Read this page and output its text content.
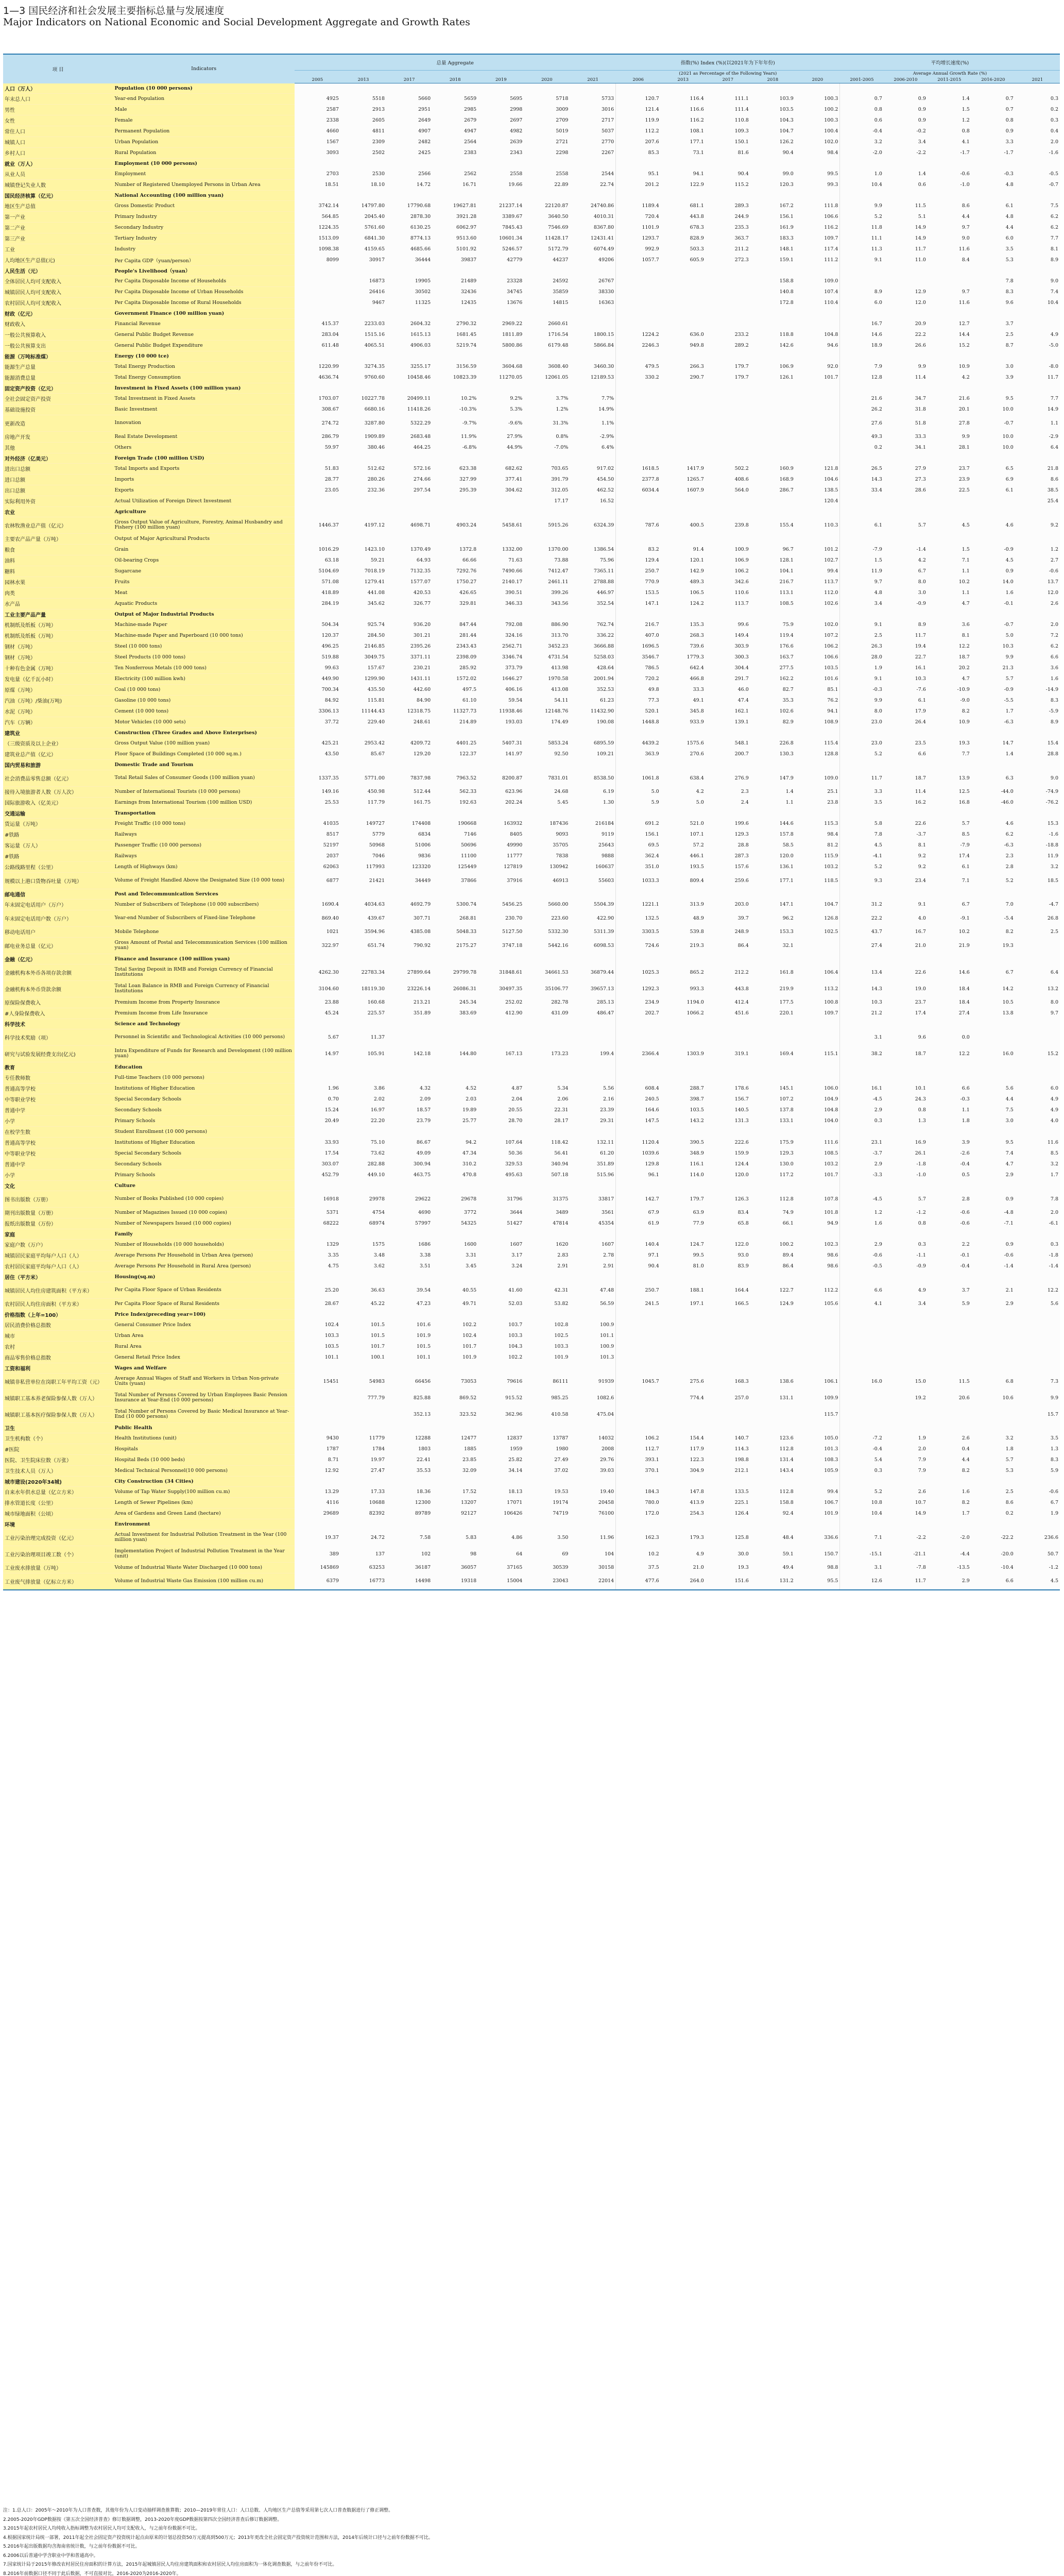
1—3 国民经济和社会发展主要指标总量与发展速度
Major Indicators on National Economic and Social Development Aggregate and Growth Rates
项 目	Indicators	总量 Aggregate							指数(%) Index (%)(以2021年为下年年份)					平均增长速度(%)				
									(2021 as Percentage of the Following Years)					Average Annual Growth Rate (%)				
		2005	2013	2017	2018	2019	2020	2021	2006	2013	2017	2018	2020	2001-2005	2006-2010	2011-2015	2016-2020	2021
人口（万人）	Population (10 000 persons)																	
年末总人口	Year-end Population	4925	5518	5660	5659	5695	5718	5733	120.7	116.4	111.1	103.9	100.3	0.7	0.9	1.4	0.7	0.3
男性	Male	2587	2913	2951	2985	2998	3009	3016	121.4	116.6	111.4	103.5	100.2	0.8	0.9	1.5	0.7	0.2
女性	Female	2338	2605	2649	2679	2697	2709	2717	119.9	116.2	110.8	104.3	100.3	0.6	0.9	1.2	0.8	0.3
常住人口	Permanent Population	4660	4811	4907	4947	4982	5019	5037	112.2	108.1	109.3	104.7	100.4	-0.4	-0.2	0.8	0.9	0.4
城镇人口	Urban Population	1567	2309	2482	2564	2639	2721	2770	207.6	177.1	150.1	126.2	102.0	3.2	3.4	4.1	3.3	2.0
乡村人口	Rural Population	3093	2502	2425	2383	2343	2298	2267	85.3	73.1	81.6	90.4	98.4	-2.0	-2.2	-1.7	-1.7	-1.6
就业（万人）	Employment (10 000 persons)																	
从业人员	Employment	2703	2530	2566	2562	2558	2558	2544	95.1	94.1	90.4	99.0	99.5	1.0	1.4	-0.6	-0.3	-0.5
城镇登记失业人数	Number of Registered Unemployed Persons in Urban Area	18.51	18.10	14.72	16.71	19.66	22.89	22.74	201.2	122.9	115.2	120.3	99.3	10.4	0.6	-1.0	4.8	-0.7
国民经济核算（亿元）	National Accounting (100 million yuan)																	
地区生产总值	Gross Domestic Product	3742.14	14797.80	17790.68	19627.81	21237.14	22120.87	24740.86	1189.4	681.1	289.3	167.2	111.8	9.9	11.5	8.6	6.1	7.5
第一产业	Primary Industry	564.85	2045.40	2878.30	3921.28	3389.67	3640.50	4010.31	720.4	443.8	244.9	156.1	106.6	5.2	5.1	4.4	4.8	6.2
第二产业	Secondary Industry	1224.35	5761.60	6130.25	6062.97	7845.43	7546.69	8367.80	1101.9	678.3	235.3	161.9	116.2	11.8	14.9	9.7	4.4	6.2
第三产业	Tertiary Industry	1513.09	6841.30	8774.13	9513.60	10601.34	11428.17	12431.41	1293.7	828.9	363.7	183.3	109.7	11.1	14.9	9.0	6.0	7.7
工业	Industry	1098.38	4159.65	4685.66	5101.92	5246.57	5172.79	6074.49	992.9	503.3	211.2	148.1	117.4	11.3	11.7	11.6	3.5	8.1
人均地区生产总值(元)	Per Capita GDP（yuan/person）	8099	30917	36444	39837	42779	44237	49206	1057.7	605.9	272.3	159.1	111.2	9.1	11.0	8.4	5.3	8.9
人民生活（元）	People's Livelihood（yuan）																	
全体居民人均可支配收入	Per Capita Disposable Income of Households		16873	19905	21489	23328	24592	26767				158.8	109.0				7.8	9.0
城镇居民人均可支配收入	Per Capita Disposable Income of Urban Households		26416	30502	32436	34745	35859	38330				140.8	107.4	8.9	12.9	9.7	8.3	7.4
农村居民人均可支配收入	Per Capita Disposable Income of Rural Households		9467	11325	12435	13676	14815	16363				172.8	110.4	6.0	12.0	11.6	9.6	10.4
财政（亿元）	Government Finance (100 million yuan)																	
财政收入	Financial Revenue	415.37	2233.03	2604.32	2790.32	2969.22	2660.61							16.7	20.9	12.7	3.7	
一般公共预算收入	General Public Budget Revenue	283.04	1515.16	1615.13	1681.45	1811.89	1716.54	1800.15	1224.2	636.0	233.2	118.8	104.8	14.6	22.2	14.4	2.5	4.9
一般公共预算支出	General Public Budget Expenditure	611.48	4065.51	4906.03	5219.74	5800.86	6179.48	5866.84	2246.3	949.8	289.2	142.6	94.6	18.9	26.6	15.2	8.7	-5.0
能源（万吨标准煤）	Energy (10 000 tce)																	
能源生产总量	Total Energy Production	1220.99	3274.35	3255.17	3156.59	3604.68	3608.40	3460.30	479.5	266.3	179.7	106.9	92.0	7.9	9.9	10.9	3.0	-8.0
能源消费总量	Total Energy Consumption	4636.74	9760.60	10458.46	10823.39	11270.05	12061.05	12189.53	330.2	290.7	179.7	126.1	101.7	12.8	11.4	4.2	3.9	11.7
固定资产投资（亿元）	Investment in Fixed Assets (100 million yuan)																	
全社会固定资产投资	Total Investment in Fixed Assets	1703.07	10227.78	20499.11	10.2%	9.2%	3.7%	7.7%						21.6	34.7	21.6	9.5	7.7
基础设施投资	Basic Investment	308.67	6680.16	11418.26	-10.3%	5.3%	1.2%	14.9%						26.2	31.8	20.1	10.0	14.9
更新改造	Innovation	274.72	3287.80	5322.29	-9.7%	-9.6%	31.3%	1.1%						27.6	51.8	27.8	-0.7	1.1
房地产开发	Real Estate Development	286.79	1909.89	2683.48	11.9%	27.9%	0.8%	-2.9%						49.3	33.3	9.9	10.0	-2.9
其他	Others	59.97	380.46	464.25	-6.8%	44.9%	-7.0%	6.4%						0.2	34.1	28.1	10.0	6.4
对外经济（亿美元）	Foreign Trade (100 million USD)																	
进出口总额	Total Imports and Exports	51.83	512.62	572.16	623.38	682.62	703.65	917.02	1618.5	1417.9	502.2	160.9	121.8	26.5	27.9	23.7	6.5	21.8
进口总额	Imports	28.77	280.26	274.66	327.99	377.41	391.79	454.50	2377.8	1265.7	408.6	168.9	104.6	14.3	27.3	23.9	6.9	8.6
出口总额	Exports	23.05	232.36	297.54	295.39	304.62	312.05	462.52	6034.4	1607.9	564.0	286.7	138.5	33.4	28.6	22.5	6.1	38.5
实际利用外资	Actual Utilization of Foreign Direct Investment						17.17	16.52					120.4					25.4
农业	Agriculture																	
农林牧渔业总产值（亿元）	Gross Output Value of Agriculture, Forestry, Animal Husbandry and Fishery (100 million yuan)	1446.37	4197.12	4698.71	4903.24	5458.61	5915.26	6324.39	787.6	400.5	239.8	155.4	110.3	6.1	5.7	4.5	4.6	9.2
主要农产品产量（万吨）	Output of Major Agricultural Products																	
粮食	Grain	1016.29	1423.10	1370.49	1372.8	1332.00	1370.00	1386.54	83.2	91.4	100.9	96.7	101.2	-7.9	-1.4	1.5	-0.9	1.2
油料	Oil-bearing Crops	63.18	59.21	64.93	66.66	71.63	73.88	75.96	129.4	120.1	106.9	128.1	102.7	1.5	4.2	7.1	4.5	2.7
糖料	Sugarcane	5104.69	7018.19	7132.35	7292.76	7490.66	7412.47	7365.11	250.7	142.9	106.2	104.1	99.4	11.9	6.7	1.1	0.9	-0.6
园林水果	Fruits	571.08	1279.41	1577.07	1750.27	2140.17	2461.11	2788.88	770.9	489.3	342.6	216.7	113.7	9.7	8.0	10.2	14.0	13.7
肉类	Meat	418.89	441.08	420.53	426.65	390.51	399.26	446.97	153.5	106.5	110.6	113.1	112.0	4.8	3.0	1.1	1.6	12.0
水产品	Aquatic Products	284.19	345.62	326.77	329.81	346.33	343.56	352.54	147.1	124.2	113.7	108.5	102.6	3.4	-0.9	4.7	-0.1	2.6
工业主要产品产量	Output of Major Industrial Products																	
机制纸及纸板（万吨）	Machine-made Paper	504.34	925.74	936.20	847.44	792.08	886.90	762.74	216.7	135.3	99.6	75.9	102.0	9.1	8.9	3.6	-0.7	2.0
机制纸及纸板（万吨）	Machine-made Paper and Paperboard (10 000 tons)	120.37	284.50	301.21	281.44	324.16	313.70	336.22	407.0	268.3	149.4	119.4	107.2	2.5	11.7	8.1	5.0	7.2
钢材（万吨）	Steel (10 000 tons)	496.25	2146.85	2395.26	2343.43	2562.71	3452.23	3666.88	1696.5	739.6	303.9	176.6	106.2	26.3	19.4	12.2	10.3	6.2
钢材（万吨）	Steel Products (10 000 tons)	519.88	3049.75	3371.11	2398.09	3346.74	4731.54	5258.03	3546.7	1779.3	300.3	163.7	106.6	28.0	22.7	18.7	9.9	6.6
十种有色金属（万吨）	Ten Nonferrous Metals (10 000 tons)	99.63	157.67	230.21	285.92	373.79	413.98	428.64	786.5	642.4	304.4	277.5	103.5	1.9	16.1	20.2	21.3	3.6
发电量（亿千瓦小时）	Electricity (100 million kwh)	449.90	1299.90	1431.11	1572.02	1646.27	1970.58	2001.94	720.2	466.8	291.7	162.2	101.6	9.1	10.3	4.7	5.7	1.6
原煤（万吨）	Coal (10 000 tons)	700.34	435.50	442.60	497.5	406.16	413.08	352.53	49.8	33.3	46.0	82.7	85.1	-0.3	-7.6	-10.9	-0.9	-14.9
汽油（万吨）/柴油(万吨)	Gasoline (10 000 tons)	84.92	115.81	84.90	61.10	59.54	54.11	61.23	77.3	49.1	47.4	35.3	76.2	9.9	6.1	-9.0	-5.5	8.3
水泥（万吨）	Cement (10 000 tons)	3306.13	11144.43	12318.75	11327.73	11938.46	12148.76	11432.90	520.1	345.8	162.1	102.6	94.1	8.0	17.9	8.2	1.7	-5.9
汽车（万辆）	Motor Vehicles (10 000 sets)	37.72	229.40	248.61	214.89	193.03	174.49	190.08	1448.8	933.9	139.1	82.9	108.9	23.0	26.4	10.9	-6.3	8.9
建筑业	Construction (Three Grades and Above Enterprises)																	
（三级资质及以上企业）	Gross Output Value (100 million yuan)	425.21	2953.42	4209.72	4401.25	5407.31	5853.24	6895.59	4439.2	1575.6	548.1	226.8	115.4	23.0	23.5	19.3	14.7	15.4
建筑业总产值（亿元）	Floor Space of Buildings Completed (10 000 sq.m.)	43.50	85.67	129.20	122.37	141.97	92.50	109.21	363.9	270.6	200.7	130.3	128.8	5.2	6.6	7.7	1.4	28.8
国内贸易和旅游	Domestic Trade and Tourism																	
社会消费品零售总额（亿元）	Total Retail Sales of Consumer Goods (100 million yuan)	1337.35	5771.00	7837.98	7963.52	8200.87	7831.01	8538.50	1061.8	638.4	276.9	147.9	109.0	11.7	18.7	13.9	6.3	9.0
接待入境旅游者人数（万人次）	Number of International Tourists (10 000 persons)	149.16	450.98	512.44	562.33	623.96	24.68	6.19	5.0	4.2	2.3	1.4	25.1	3.3	11.4	12.5	-44.0	-74.9
国际旅游收入（亿美元）	Earnings from International Tourism (100 million USD)	25.53	117.79	161.75	192.63	202.24	5.45	1.30	5.9	5.0	2.4	1.1	23.8	3.5	16.2	16.8	-46.0	-76.2
交通运输	Transportation																	
货运量（万吨）	Freight Traffic (10 000 tons)	41035	149727	174408	190668	163932	187436	216184	691.2	521.0	199.6	144.6	115.3	5.8	22.6	5.7	4.6	15.3
#铁路	Railways	8517	5779	6834	7146	8405	9093	9119	156.1	107.1	129.3	157.8	98.4	7.8	-3.7	8.5	6.2	-1.6
客运量（万人）	Passenger Traffic (10 000 persons)	52197	50968	51006	50696	49990	35705	25643	69.5	57.2	28.8	58.5	81.2	4.5	8.1	-7.9	-6.3	-18.8
#铁路	Railways	2037	7046	9836	11100	11777	7838	9888	362.4	446.1	287.3	120.0	115.9	-4.1	9.2	17.4	2.3	11.9
公路线路里程（公里）	Length of Highways (km)	62063	117993	123320	125449	127819	130942	160637	351.0	193.5	157.6	136.1	103.2	5.2	9.2	6.1	2.8	3.2
规模以上港口货物吞吐量（万吨）	Volume of Freight Handled Above the Designated Size (10 000 tons)	6877	21421	34449	37866	37916	46913	55603	1033.3	809.4	259.6	177.1	118.5	9.3	23.4	7.1	5.2	18.5
邮电通信	Post and Telecommunication Services																	
年末固定电话用户（万户）	Number of Subscribers of Telephone (10 000 subscribers)	1690.4	4034.63	4692.79	5300.74	5456.25	5660.00	5504.39	1221.1	313.9	203.0	147.1	104.7	31.2	9.1	6.7	7.0	-4.7
年末固定电话用户数（万户）	Year-end Number of Subscribers of Fixed-line Telephone	869.40	439.67	307.71	268.81	230.70	223.60	422.90	132.5	48.9	39.7	96.2	126.8	22.2	4.0	-9.1	-5.4	26.8
移动电话用户	Mobile Telephone	1021	3594.96	4385.08	5048.33	5127.50	5332.30	5311.39	3303.5	539.8	248.9	153.3	102.5	43.7	16.7	10.2	8.2	2.5
邮电业务总量（亿元）	Gross Amount of Postal and Telecommunication Services (100 million yuan)	322.97	651.74	790.92	2175.27	3747.18	5442.16	6098.53	724.6	219.3	86.4	32.1		27.4	21.0	21.9	19.3	
金融（亿元）	Finance and Insurance (100 million yuan)																	
金融机构本外币各项存款余额	Total Saving Deposit in RMB and Foreign Currency of Financial Institutions	4262.30	22783.34	27899.64	29799.78	31848.61	34661.53	36879.44	1025.3	865.2	212.2	161.8	106.4	13.4	22.6	14.6	6.7	6.4
金融机构本外币贷款余额	Total Loan Balance in RMB and Foreign Currency of Financial Institutions	3104.60	18119.30	23226.14	26086.31	30497.35	35106.77	39657.13	1292.3	993.3	443.8	219.9	113.2	14.3	19.0	18.4	14.2	13.2
原保险保费收入	Premium Income from Property Insurance	23.88	160.68	213.21	245.34	252.02	282.78	285.13	234.9	1194.0	412.4	177.5	100.8	10.3	23.7	18.4	10.5	8.0
#人身险保费收入	Premium Income from Life Insurance	45.24	225.57	351.89	383.69	412.90	431.09	486.47	202.7	1066.2	451.6	220.1	109.7	21.2	17.4	27.4	13.8	9.7
科学技术	Science and Technology																	
科学技术奖励（项）	Personnel in Scientific and Technological Activities (10 000 persons)	5.67	11.37											3.1	9.6	0.0		
研究与试验发展经费支出(亿元)	Intra Expenditure of Funds for Research and Development (100 million yuan)	14.97	105.91	142.18	144.80	167.13	173.23	199.4	2366.4	1303.9	319.1	169.4	115.1	38.2	18.7	12.2	16.0	15.2
教育	Education																	
专任教师数	Full-time Teachers (10 000 persons)																	
普通高等学校	Institutions of Higher Education	1.96	3.86	4.32	4.52	4.87	5.34	5.56	608.4	288.7	178.6	145.1	106.0	16.1	10.1	6.6	5.6	6.0
中等职业学校	Special Secondary Schools	0.70	2.02	2.09	2.03	2.04	2.06	2.16	240.5	398.7	156.7	107.2	104.9	-4.5	24.3	-0.3	4.4	4.9
普通中学	Secondary Schools	15.24	16.97	18.57	19.89	20.55	22.31	23.39	164.6	103.5	140.5	137.8	104.8	2.9	0.8	1.1	7.5	4.9
小学	Primary Schools	20.49	22.20	23.79	25.77	28.70	28.17	29.31	147.5	143.2	131.3	133.1	104.0	0.3	1.3	1.8	3.0	4.0
在校学生数	Student Enrollment (10 000 persons)																	
普通高等学校	Institutions of Higher Education	33.93	75.10	86.67	94.2	107.64	118.42	132.11	1120.4	390.5	222.6	175.9	111.6	23.1	16.9	3.9	9.5	11.6
中等职业学校	Special Secondary Schools	17.54	73.62	49.09	47.34	50.36	56.41	61.20	1039.6	348.9	159.9	129.3	108.5	-3.7	26.1	-2.6	7.4	8.5
普通中学	Secondary Schools	303.07	282.88	300.94	310.2	329.53	340.94	351.89	129.8	116.1	124.4	130.0	103.2	2.9	-1.8	-0.4	4.7	3.2
小学	Primary Schools	452.79	449.10	463.75	470.8	495.63	507.18	515.96	96.1	114.0	120.0	117.2	101.7	-3.3	-1.0	0.5	2.9	1.7
文化	Culture																	
图书出版数（万册）	Number of Books Published (10 000 copies)	16918	29978	29622	29678	31796	31375	33817	142.7	179.7	126.3	112.8	107.8	-4.5	5.7	2.8	0.9	7.8
期刊出版数量（万册）	Number of Magazines Issued (10 000 copies)	5371	4754	4690	3772	3644	3489	3561	67.9	63.9	83.4	74.9	101.8	1.2	-1.2	-0.6	-4.8	2.0
报纸出版数量（万份）	Number of Newspapers Issued (10 000 copies)	68222	68974	57997	54325	51427	47814	45354	61.9	77.9	65.8	66.1	94.9	1.6	0.8	-0.6	-7.1	-6.1
家庭	Family																	
家庭户数（万户）	Number of Households (10 000 households)	1329	1575	1686	1600	1607	1620	1607	140.4	124.7	122.0	100.2	102.3	2.9	0.3	2.2	0.9	0.3
城镇居民家庭平均每户人口（人）	Average Persons Per Household in Urban Area (person)	3.35	3.48	3.38	3.31	3.17	2.83	2.78	97.1	99.5	93.0	89.4	98.6	-0.6	-1.1	-0.1	-0.6	-1.8
农村居民家庭平均每户人口（人）	Average Persons Per Household in Rural Area (person)	4.75	3.62	3.51	3.45	3.24	2.91	2.91	90.4	81.0	83.9	86.4	98.6	-0.5	-0.9	-0.4	-1.4	-1.4
居住（平方米）	Housing(sq.m)																	
城镇居民人均住房建筑面积（平方米）	Per Capita Floor Space of Urban Residents	25.20	36.63	39.54	40.55	41.60	42.31	47.48	250.7	188.1	164.4	122.7	112.2	6.6	4.9	3.7	2.1	12.2
农村居民人均住房面积（平方米）	Per Capita Floor Space of Rural Residents	28.67	45.22	47.23	49.71	52.03	53.82	56.59	241.5	197.1	166.5	124.9	105.6	4.1	3.4	5.9	2.9	5.6
价格指数（上年=100）	Price Index(preceding year=100)																	
居民消费价格总指数	General Consumer Price Index	102.4	101.5	101.6	102.2	103.7	102.8	100.9										
城市	Urban Area	103.3	101.5	101.9	102.4	103.3	102.5	101.1										
农村	Rural Area	103.5	101.7	101.5	101.7	104.3	103.3	100.9										
商品零售价格总指数	General Retail Price Index	101.1	100.1	101.1	101.9	102.2	101.9	101.3										
工资和福利	Wages and Welfare																	
城镇非私营单位在岗职工年平均工资（元）	Average Annual Wages of Staff and Workers in Urban Non-private Units (yuan)	15451	54983	66456	73053	79616	86111	91939	1045.7	275.6	168.3	138.6	106.1	16.0	15.0	11.5	6.8	7.3
城镇职工基本养老保险参保人数（万人）	Total Number of Persons Covered by Urban Employees Basic Pension Insurance at Year-End (10 000 persons)		777.79	825.88	869.52	915.52	985.25	1082.6		774.4	257.0	131.1	109.9		19.2	20.6	10.6	9.9
城镇职工基本医疗保险参保人数（万人）	Total Number of Persons Covered by Basic Medical Insurance at Year-End (10 000 persons)			352.13	323.52	362.96	410.58	475.04					115.7					15.7
卫生	Public Health																	
卫生机构数（个）	Health Institutions (unit)	9430	11779	12288	12477	12837	13787	14032	106.2	154.4	140.7	123.6	105.0	-7.2	1.9	2.6	3.2	3.5
#医院	Hospitals	1787	1784	1803	1885	1959	1980	2008	112.7	117.9	114.3	112.8	101.3	-0.4	2.0	0.4	1.8	1.3
医院、卫生院床位数（万张）	Hospital Beds (10 000 beds)	8.71	19.97	22.41	23.85	25.82	27.49	29.76	393.1	122.3	198.8	131.4	108.3	5.4	7.9	4.4	5.7	8.3
卫生技术人员（万人）	Medical Technical Personnel(10 000 persons)	12.92	27.47	35.53	32.09	34.14	37.02	39.03	370.1	304.9	212.1	143.4	105.9	0.3	7.9	8.2	5.3	5.9
城市建设(2020年34城)	City Construction (34 Cities)																	
自来水年供水总量（亿立方米）	Volume of Tap Water Supply(100 million cu.m)	13.29	17.33	18.36	17.52	18.13	19.53	19.40	184.3	147.8	133.5	112.8	99.4	5.2	2.6	1.6	2.5	-0.6
排水管道长度（公里）	Length of Sewer Pipelines (km)	4116	10688	12300	13207	17071	19174	20458	780.0	413.9	225.1	158.8	106.7	10.8	10.7	8.2	8.6	6.7
城市绿地面积（公顷）	Area of Gardens and Green Land (hectare)	29689	82392	89789	92127	106426	74719	76100	172.0	254.3	126.4	92.4	101.9	10.4	14.9	1.7	0.2	1.9
环境	Environment																	
工业污染治理完成投资（亿元）	Actual Investment for Industrial Pollution Treatment in the Year (100 million yuan)	19.37	24.72	7.58	5.83	4.86	3.50	11.96	162.3	179.3	125.8	48.4	336.6	7.1	-2.2	-2.0	-22.2	236.6
工业污染治理项目竣工数（个）	Implementation Project of Industrial Pollution Treatment in the Year (unit)	389	137	102	98	64	69	104	10.2	4.9	30.0	59.1	150.7	-15.1	-21.1	-4.4	-20.0	50.7
工业废水排放量（万吨）	Volume of Industrial Waste Water Discharged (10 000 tons)	145869	63253	36187	36057	37165	30539	30158	37.5	21.0	19.3	49.4	98.8	3.1	-7.8	-13.5	-10.4	-1.2
工业废气排放量（亿标立方米）	Volume of Industrial Waste Gas Emission (100 million cu.m)	6379	16773	14498	19318	15004	23043	22014	477.6	264.0	151.6	131.2	95.5	12.6	11.7	2.9	6.6	4.5
注：1.总人口：2005年～2010年为人口普查数，其他年份为人口变动抽样调查推算数；2010—2019年常住人口：人口总数、人均地区生产总值等采用第七次人口普查数据进行了修正调整。
2.2005-2020年GDP数据按《第五次全国经济普查》修订数据调整，2013-2020年度GDP数据按第四次全国经济普查后修订数据调整。
3.2015年起农村居民人均纯收入指标调整为农村居民人均可支配收入，与之前年份数据不可比。
4.根据国家统计局统一部署，2011年起全社会固定资产投资统计起点由原来的计划总投资50万元提高到500万元；2013年更改全社会固定资产投资统计范围和方法，2014年后统计口径与之前年份数据不可比。
5.2016年起出版数据均含海南省统计数，与之前年份数据不可比。
6.2006以后普通中学含职业中学和普通高中。
7.国家统计局于2015年修改农村居民住房面积的计算方法，2015年起城镇居民人均住房建筑面积和农村居民人均住房面积为一体化调查数据，与之前年份不可比。
8.2016年前数据口径不同于此后数据，不可直接对比，2016-2020为2016-2020年。
